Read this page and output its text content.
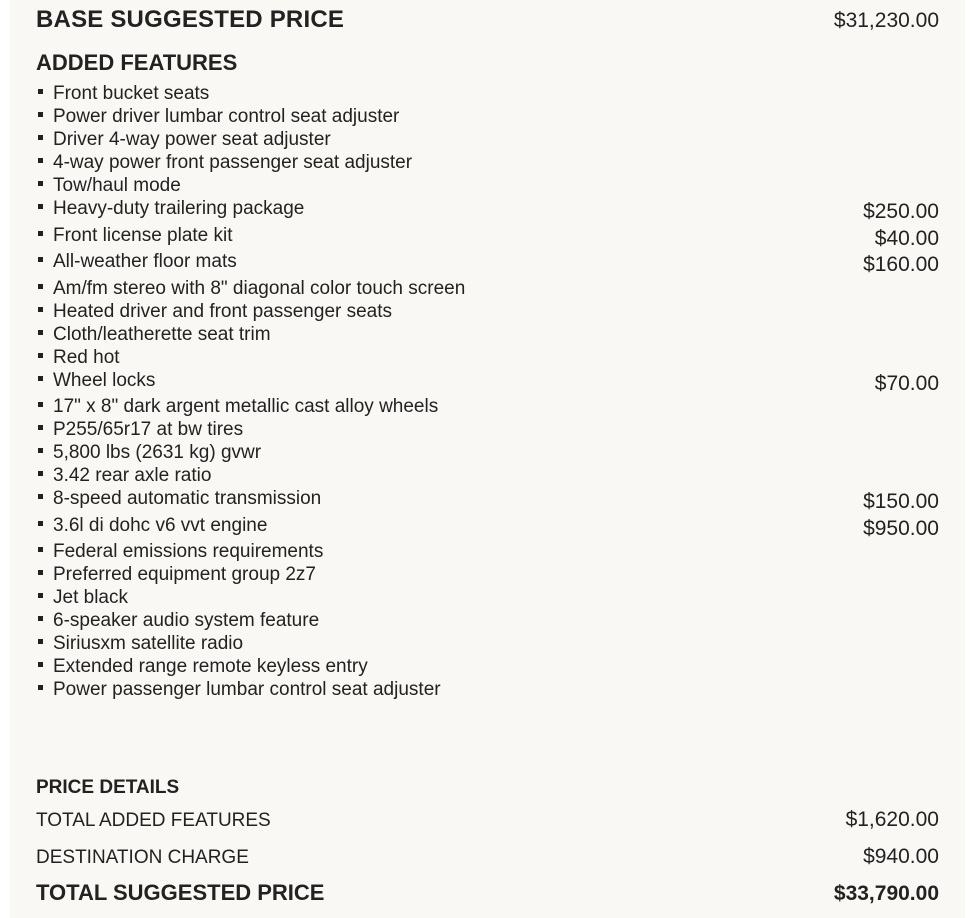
BASE SUGGESTED PRICE	$31,230.00
ADDED FEATURES
Front bucket seats
Power driver lumbar control seat adjuster
Driver 4-way power seat adjuster
4-way power front passenger seat adjuster
Tow/haul mode
Heavy-duty trailering package	$250.00
Front license plate kit	$40.00
All-weather floor mats	$160.00
Am/fm stereo with 8" diagonal color touch screen
Heated driver and front passenger seats
Cloth/leatherette seat trim
Red hot
Wheel locks	$70.00
17" x 8" dark argent metallic cast alloy wheels
P255/65r17 at bw tires
5,800 lbs (2631 kg) gvwr
3.42 rear axle ratio
8-speed automatic transmission	$150.00
3.6l di dohc v6 vvt engine	$950.00
Federal emissions requirements
Preferred equipment group 2z7
Jet black
6-speaker audio system feature
Siriusxm satellite radio
Extended range remote keyless entry
Power passenger lumbar control seat adjuster
PRICE DETAILS
TOTAL ADDED FEATURES	$1,620.00
DESTINATION CHARGE	$940.00
TOTAL SUGGESTED PRICE	$33,790.00
